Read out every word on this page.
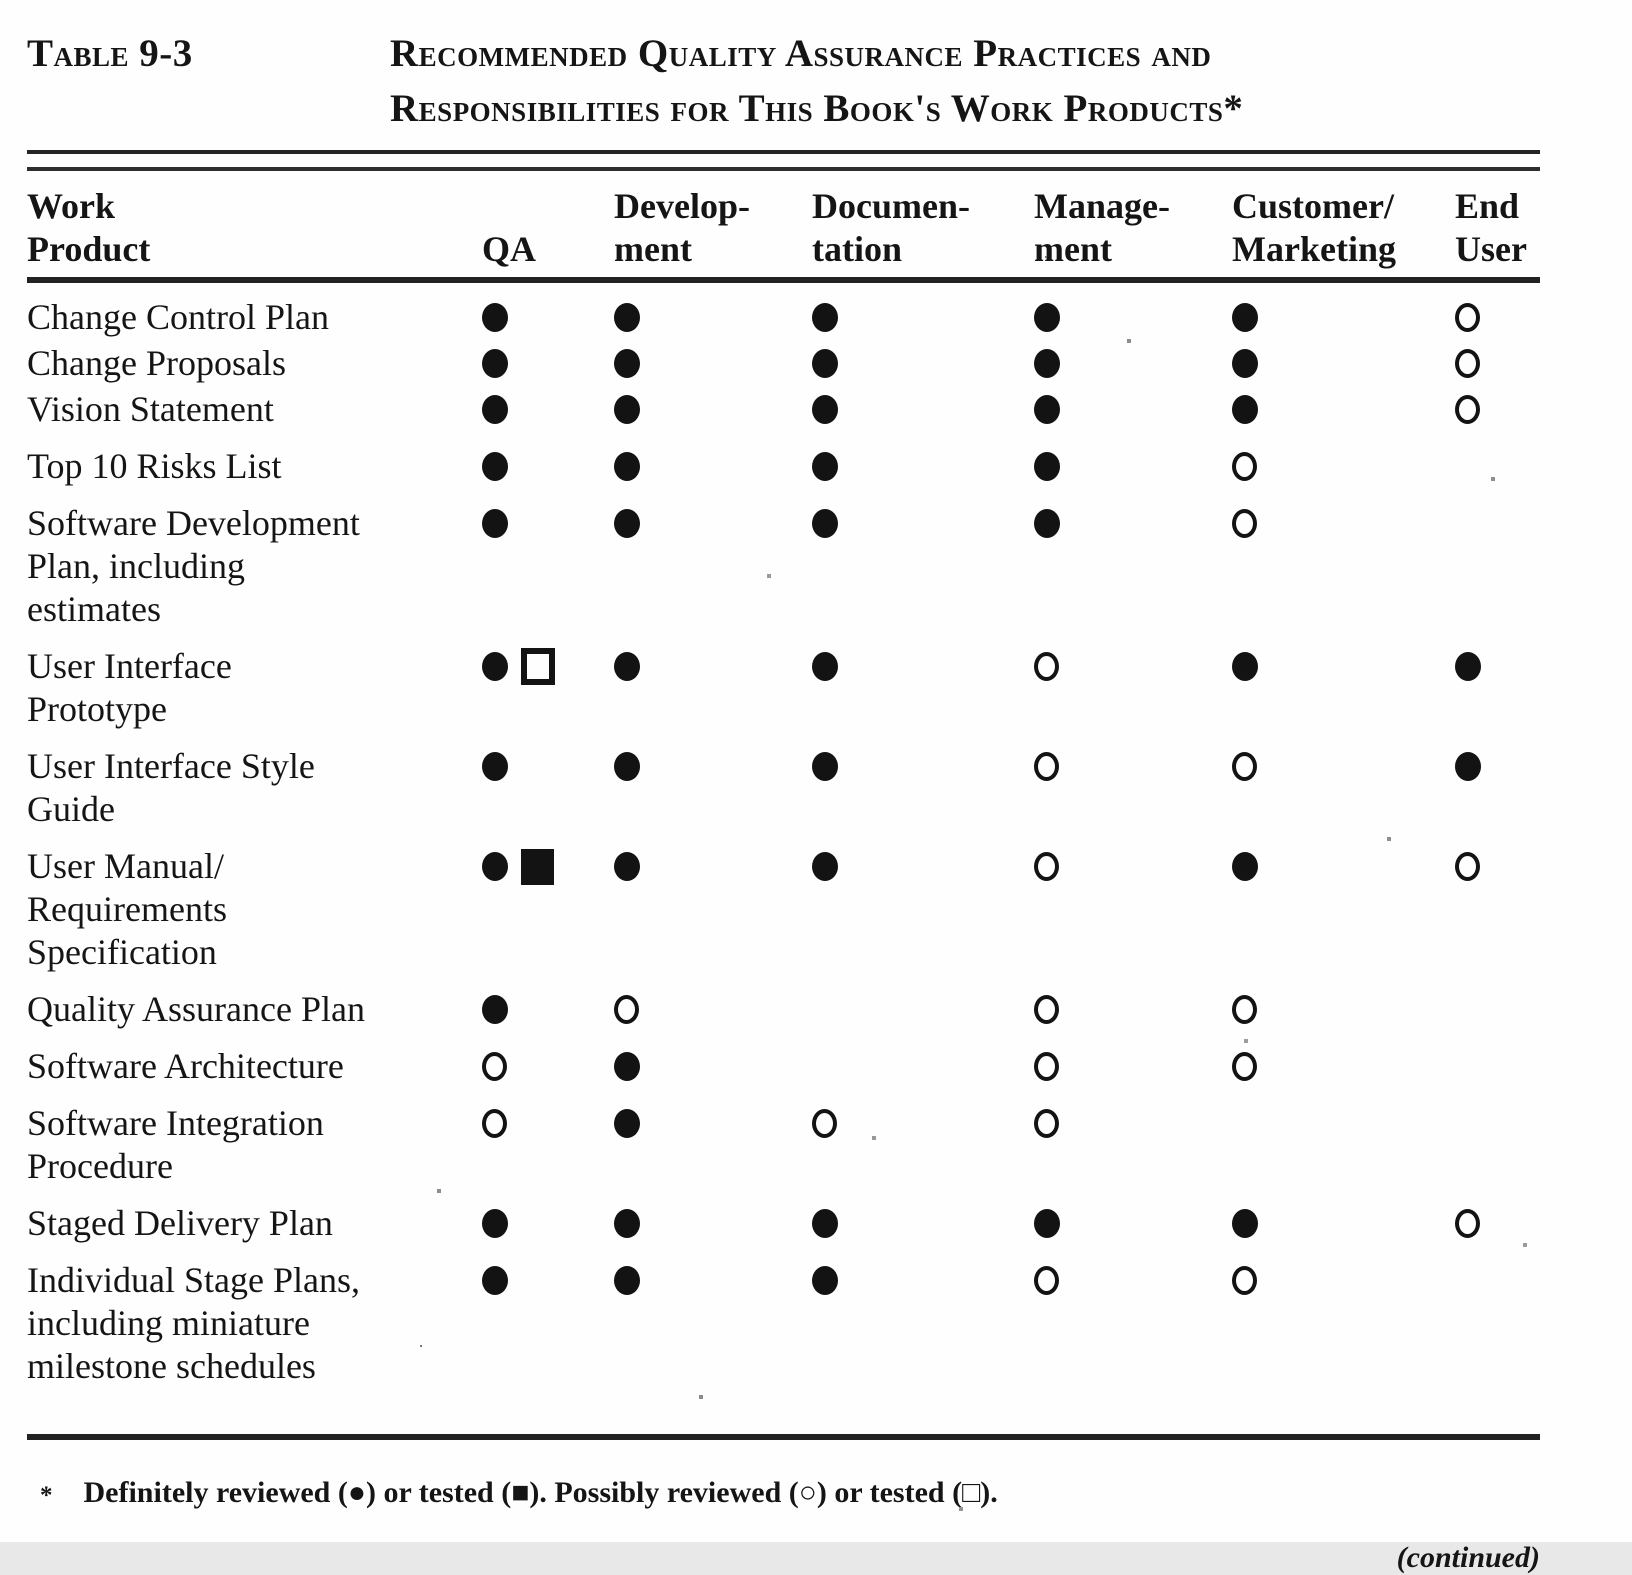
Table 9-3	Recommended Quality Assurance Practices and
Responsibilities for This Book's Work Products*
Work
Product	QA
Develop-
ment
Documen-
tation
Manage-
ment
Customer/
Marketing
End
User
Change Control Plan
Change Proposals
Vision Statement
Top 10 Risks List
Software Development
Plan, including
estimates
User Interface
Prototype
User Interface Style
Guide
User Manual/
Requirements
Specification
Quality Assurance Plan
Software Architecture
Software Integration
Procedure
Staged Delivery Plan
Individual Stage Plans,
including miniature
milestone schedules
* Definitely reviewed (●) or tested (■). Possibly reviewed (○) or tested (□).
(continued)
